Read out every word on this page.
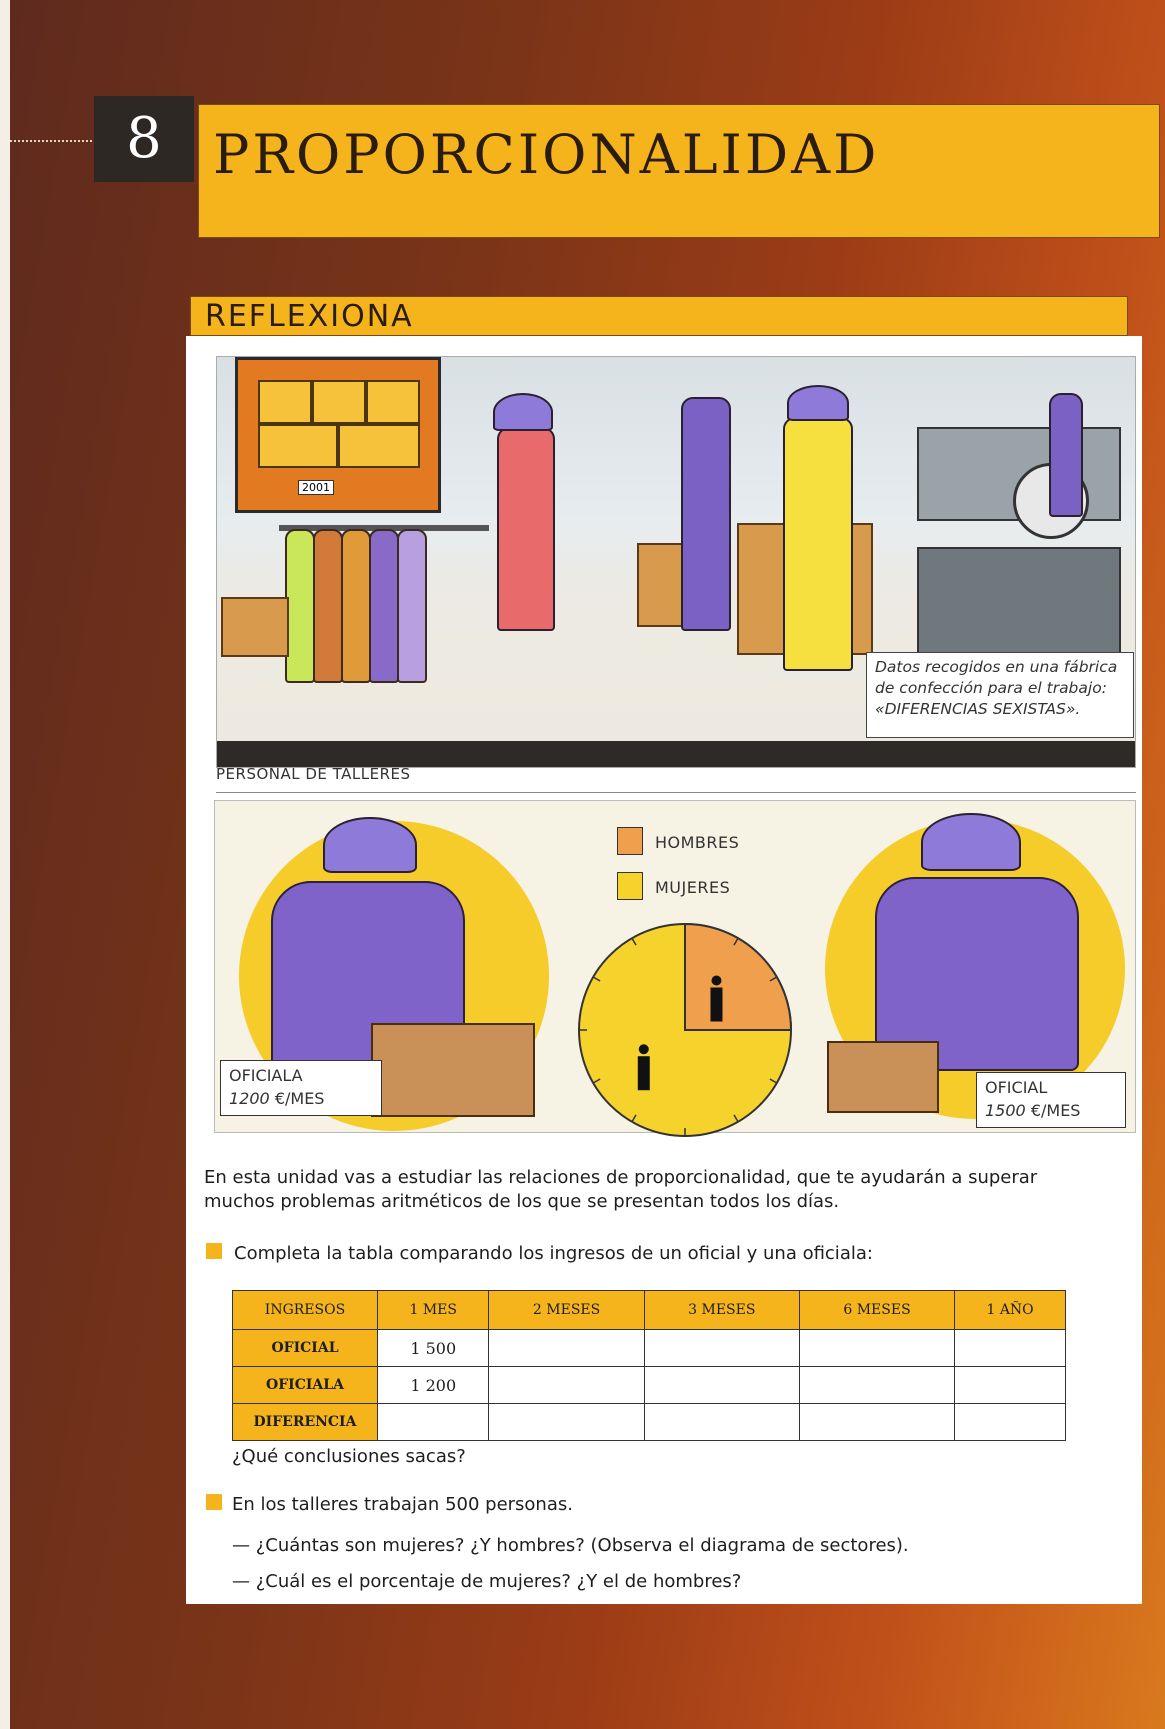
8 PROPORCIONALIDAD
REFLEXIONA
2001
Datos recogidos en una fábrica
de confección para el trabajo:
«DIFERENCIAS SEXISTAS».
PERSONAL DE TALLERES
HOMBRES
MUJERES
OFICIALA
1200 €/MES
OFICIAL
1500 €/MES
En esta unidad vas a estudiar las relaciones de proporcionalidad, que te ayudarán a superar muchos problemas aritméticos de los que se presentan todos los días.
Completa la tabla comparando los ingresos de un oficial y una oficiala:
INGRESOS	1 MES	2 MESES	3 MESES	6 MESES	1 AÑO
OFICIAL	1 500				
OFICIALA	1 200				
DIFERENCIA					
¿Qué conclusiones sacas?
En los talleres trabajan 500 personas.
— ¿Cuántas son mujeres? ¿Y hombres? (Observa el diagrama de sectores).
— ¿Cuál es el porcentaje de mujeres? ¿Y el de hombres?
